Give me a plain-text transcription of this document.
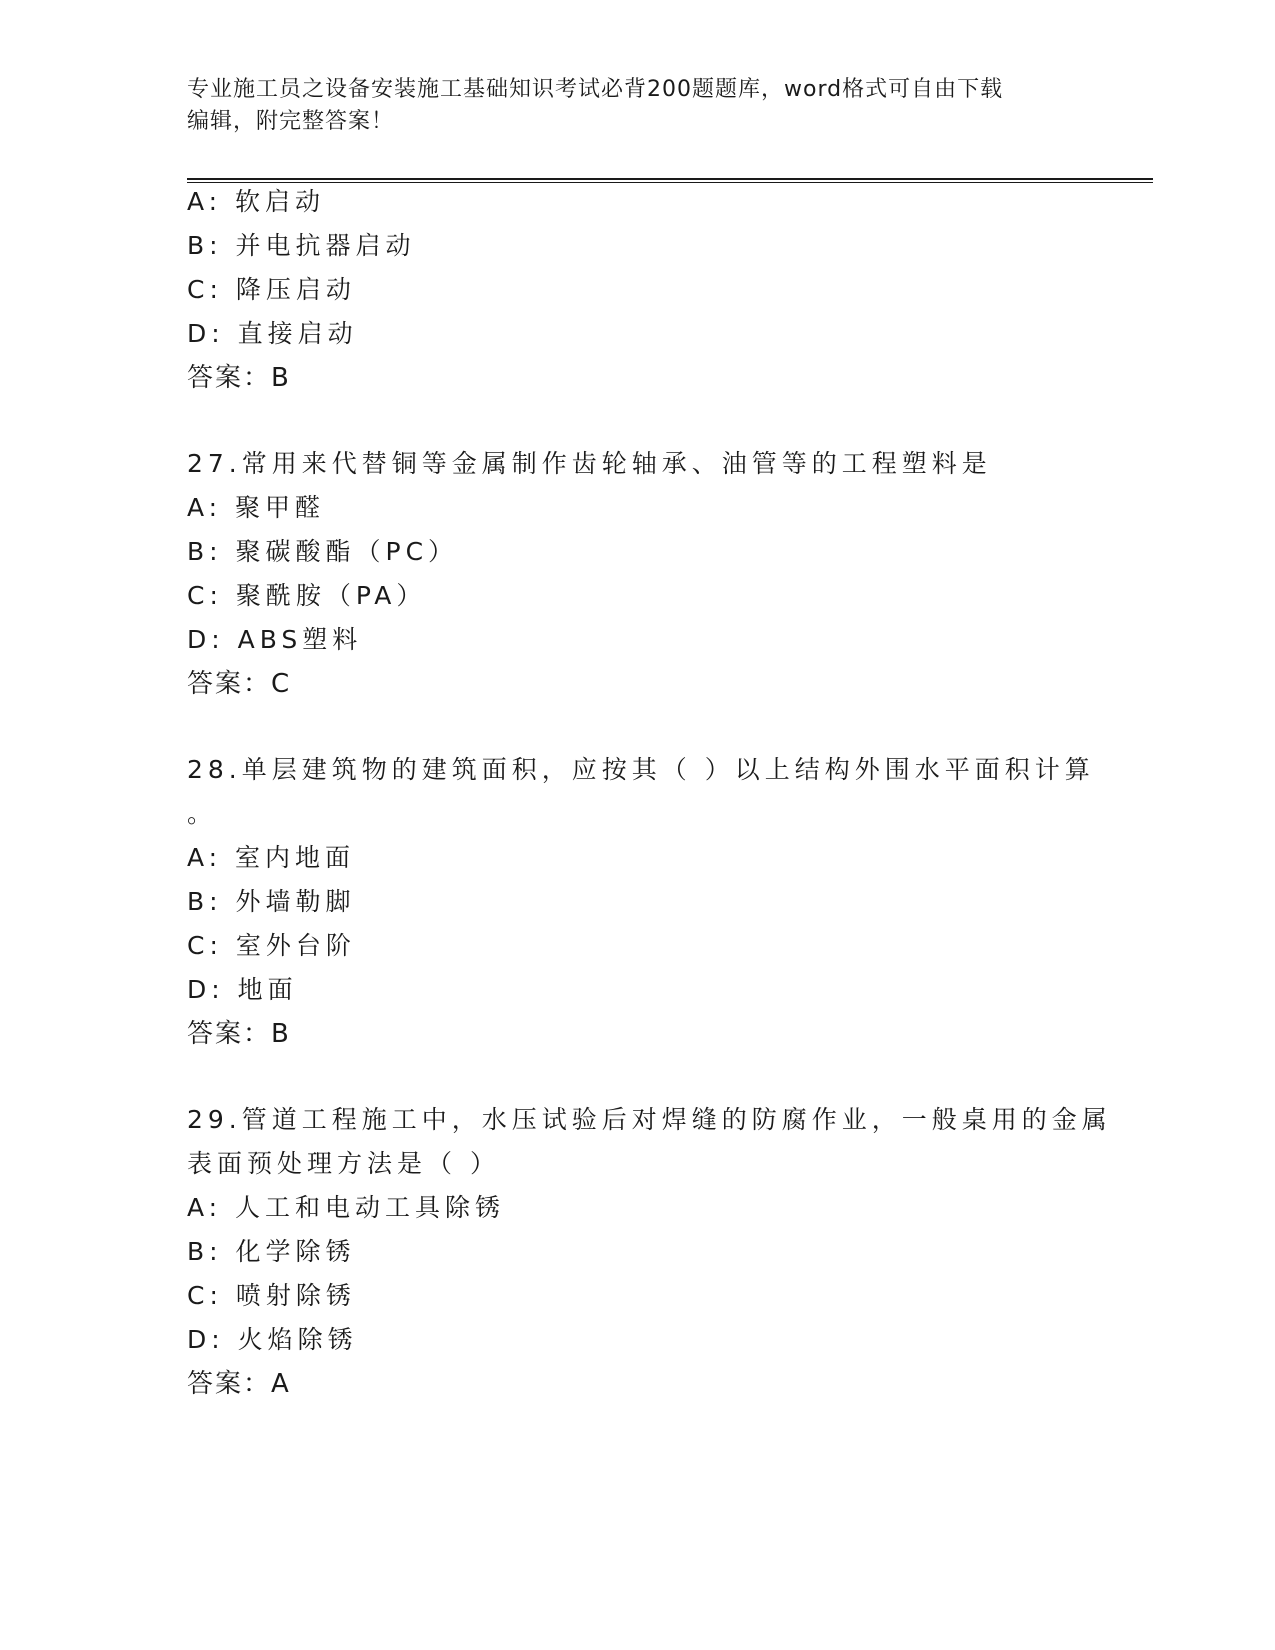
专业施工员之设备安装施工基础知识考试必背200题题库，word格式可自由下载
编辑，附完整答案！
A: 软启动
B: 并电抗器启动
C: 降压启动
D: 直接启动
答案：B
27.常用来代替铜等金属制作齿轮轴承、油管等的工程塑料是
A: 聚甲醛
B: 聚碳酸酯（PC）
C: 聚酰胺（PA）
D: ABS塑料
答案：C
28.单层建筑物的建筑面积，应按其（ ）以上结构外围水平面积计算
。
A: 室内地面
B: 外墙勒脚
C: 室外台阶
D: 地面
答案：B
29.管道工程施工中，水压试验后对焊缝的防腐作业，一般桌用的金属
表面预处理方法是（ ）
A: 人工和电动工具除锈
B: 化学除锈
C: 喷射除锈
D: 火焰除锈
答案：A
